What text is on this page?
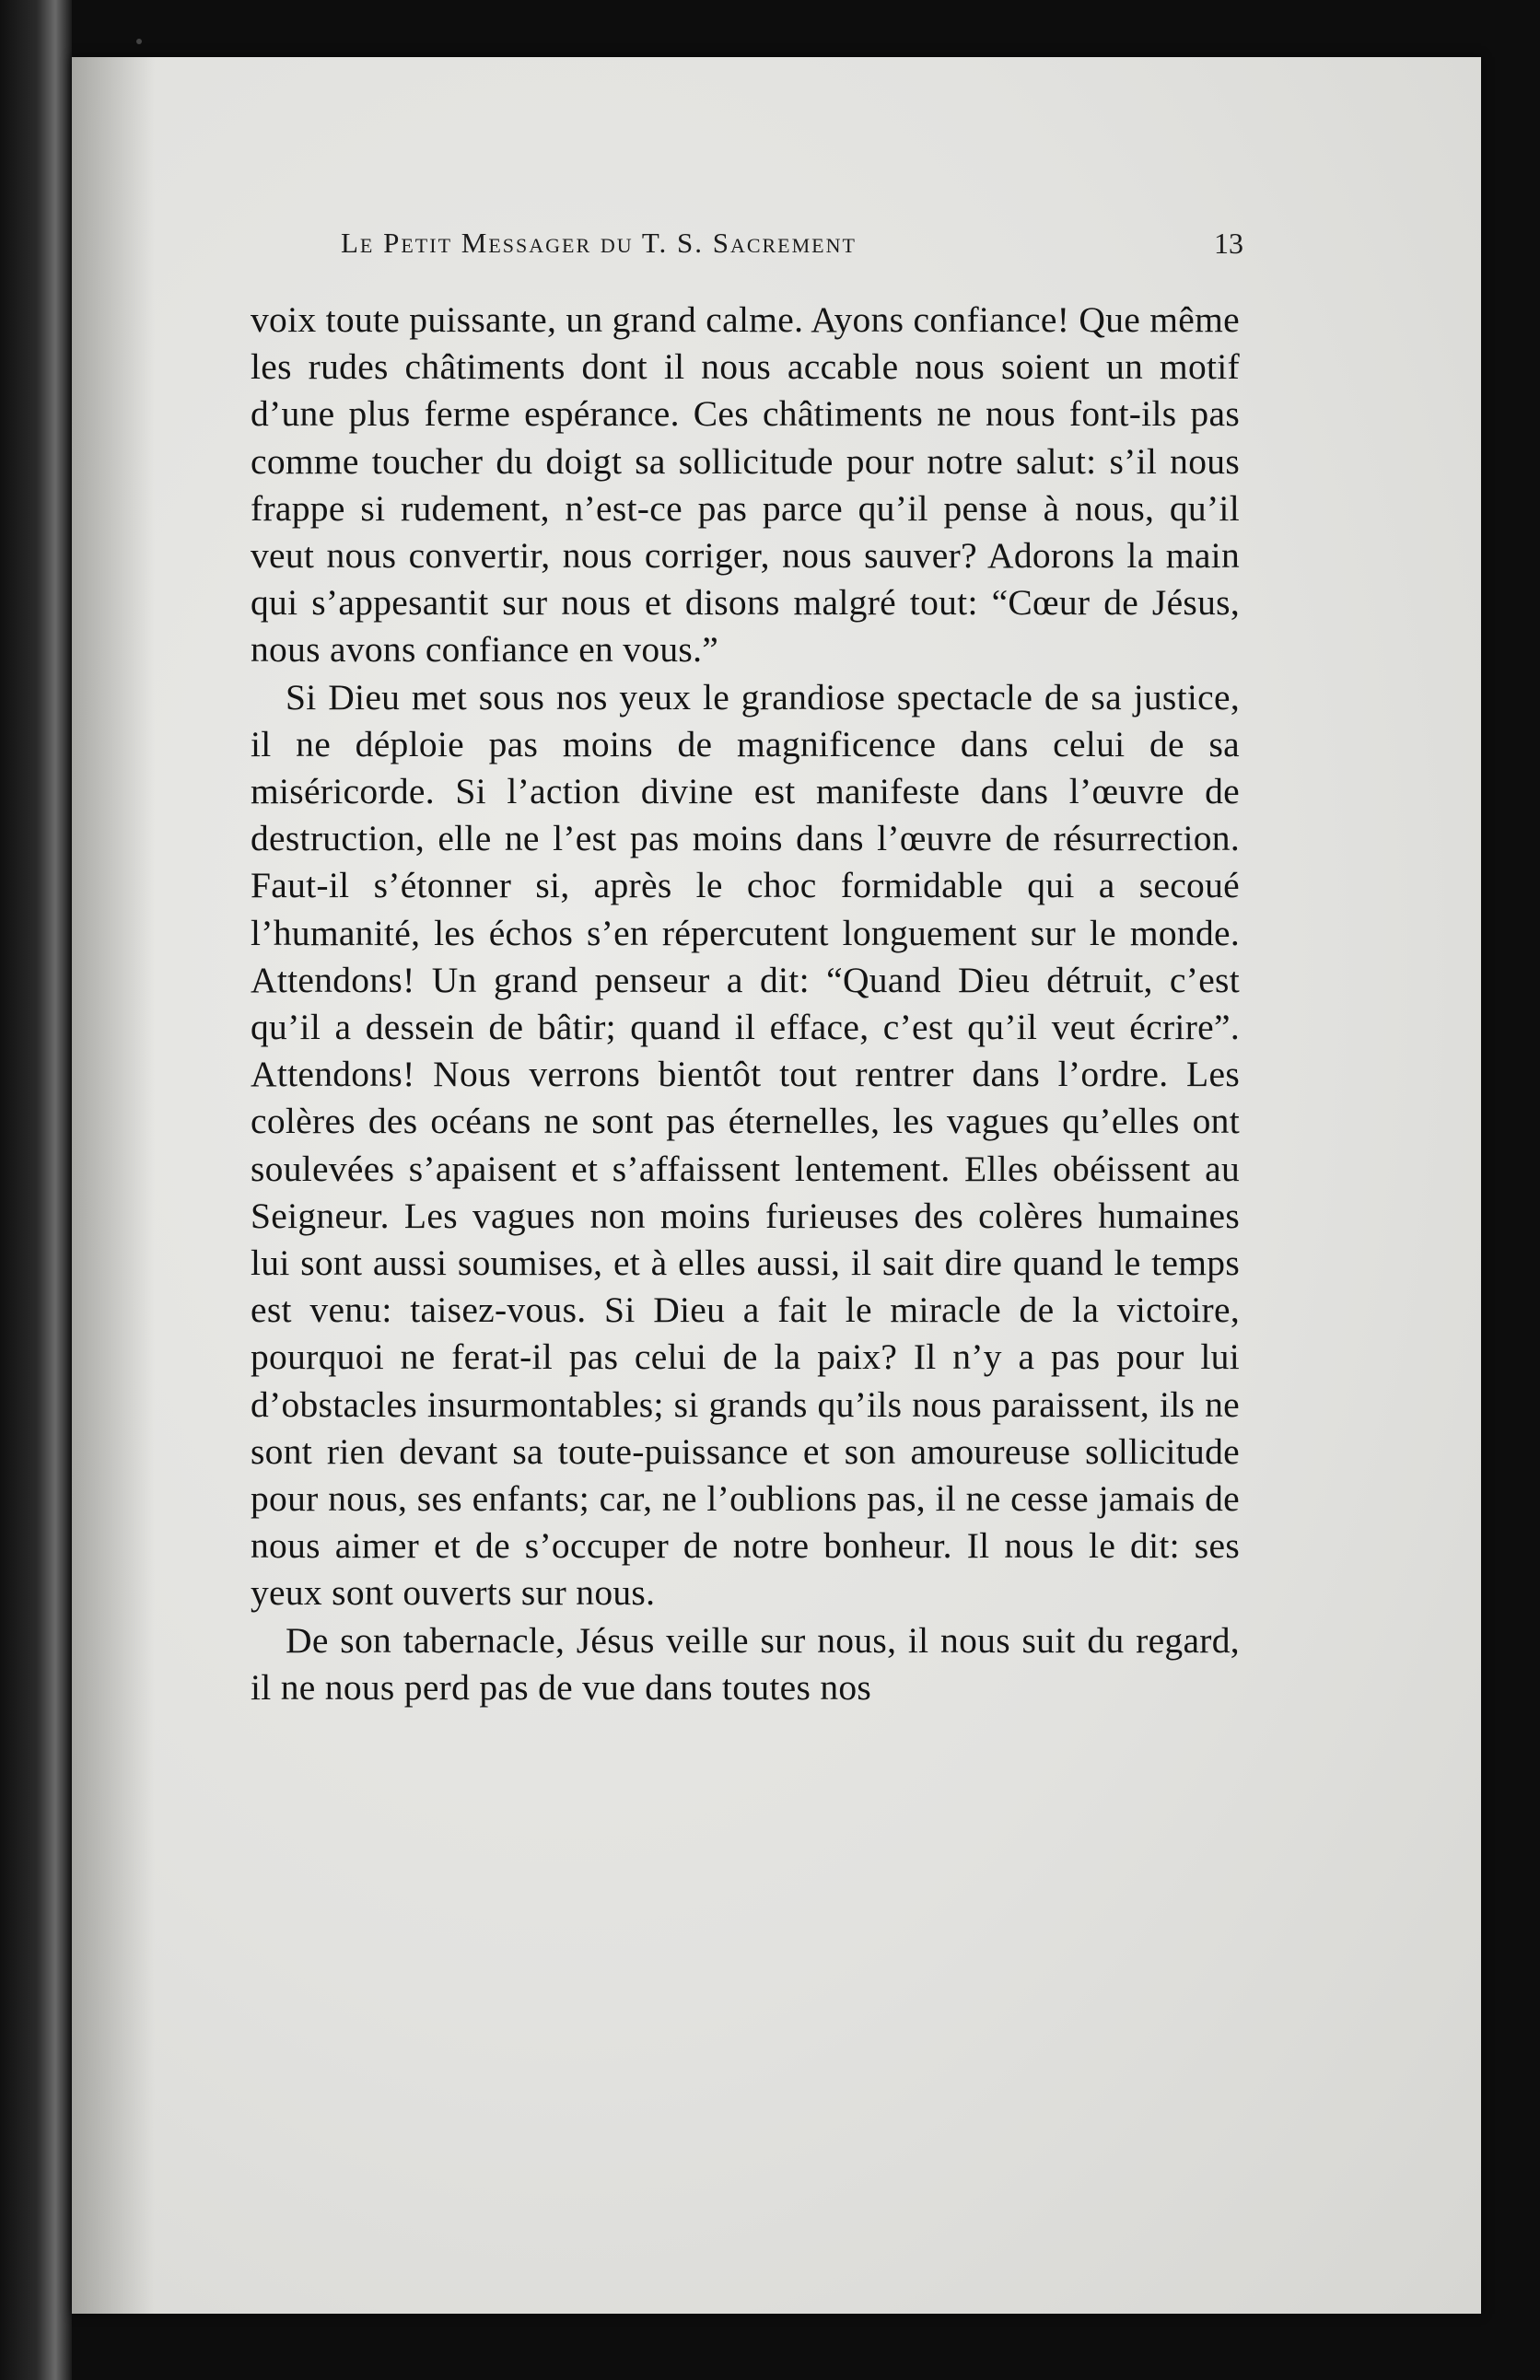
Le Petit Messager du T. S. Sacrement	13

voix toute puissante, un grand calme. Ayons confiance! Que même les rudes châtiments dont il nous accable nous soient un motif d’une plus ferme espérance. Ces châtiments ne nous font-ils pas comme toucher du doigt sa sollicitude pour notre salut: s’il nous frappe si rudement, n’est-ce pas parce qu’il pense à nous, qu’il veut nous convertir, nous corriger, nous sauver? Adorons la main qui s’appesantit sur nous et disons malgré tout: “Cœur de Jésus, nous avons confiance en vous.”

Si Dieu met sous nos yeux le grandiose spectacle de sa justice, il ne déploie pas moins de magnificence dans celui de sa miséricorde. Si l’action divine est manifeste dans l’œuvre de destruction, elle ne l’est pas moins dans l’œuvre de résurrection. Faut-il s’étonner si, après le choc formidable qui a secoué l’humanité, les échos s’en répercutent longuement sur le monde. Attendons! Un grand penseur a dit: “Quand Dieu détruit, c’est qu’il a dessein de bâtir; quand il efface, c’est qu’il veut écrire”. Attendons! Nous verrons bientôt tout rentrer dans l’ordre. Les colères des océans ne sont pas éternelles, les vagues qu’elles ont soulevées s’apaisent et s’affaissent lentement. Elles obéissent au Seigneur. Les vagues non moins furieuses des colères humaines lui sont aussi soumises, et à elles aussi, il sait dire quand le temps est venu: taisez-vous. Si Dieu a fait le miracle de la victoire, pourquoi ne ferat-il pas celui de la paix? Il n’y a pas pour lui d’obstacles insurmontables; si grands qu’ils nous paraissent, ils ne sont rien devant sa toute-puissance et son amoureuse sollicitude pour nous, ses enfants; car, ne l’oublions pas, il ne cesse jamais de nous aimer et de s’occuper de notre bonheur. Il nous le dit: ses yeux sont ouverts sur nous.

De son tabernacle, Jésus veille sur nous, il nous suit du regard, il ne nous perd pas de vue dans toutes nos
